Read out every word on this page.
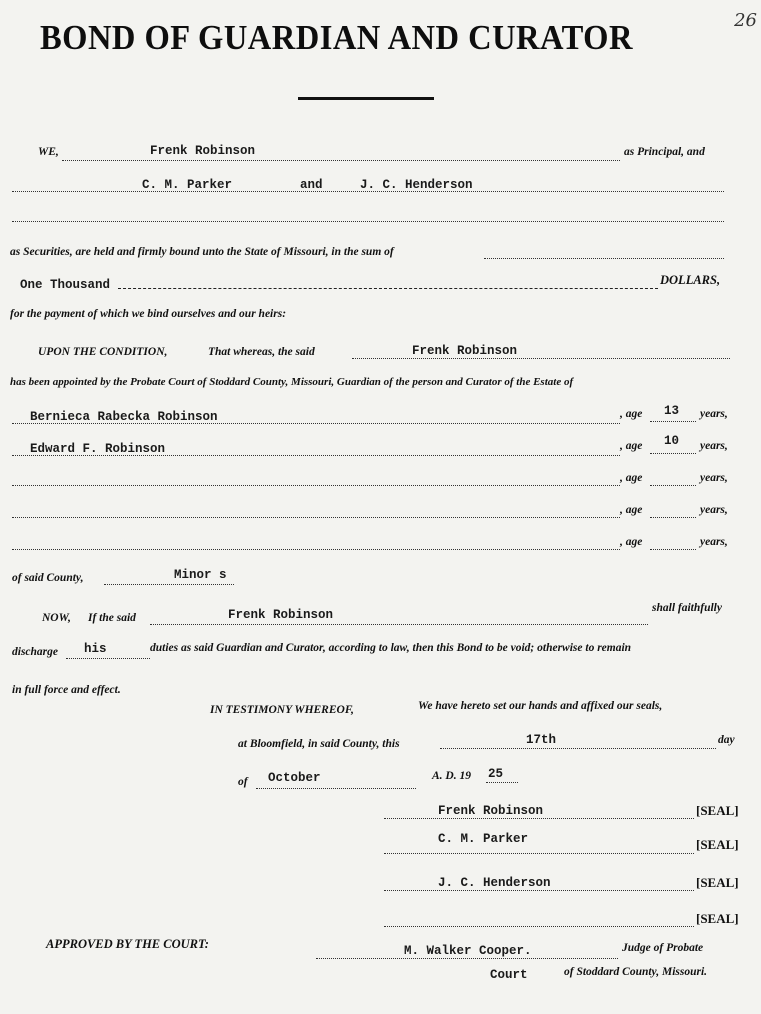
BOND OF GUARDIAN AND CURATOR	26
WE,	Frenk Robinson	as Principal, and
C. M. Parker	and	J. C. Henderson
as Securities, are held and firmly bound unto the State of Missouri, in the sum of
One Thousand	DOLLARS,
for the payment of which we bind ourselves and our heirs:
UPON THE CONDITION,	That whereas, the said	Frenk Robinson
has been appointed by the Probate Court of Stoddard County, Missouri, Guardian of the person and Curator of the Estate of
Bernieca Rabecka Robinson	, age 13 years,
Edward F. Robinson	, age 10 years,
, age	years,
, age	years,
, age	years,
of said County,	Minor s
NOW, If the said	Frenk Robinson	shall faithfully
discharge his	duties as said Guardian and Curator, according to law, then this Bond to be void; otherwise to remain
in full force and effect.
IN TESTIMONY WHEREOF,	We have hereto set our hands and affixed our seals,
at Bloomfield, in said County, this	17th	day
of October	A. D. 19 25
Frenk Robinson	[SEAL]
C. M. Parker	[SEAL]
J. C. Henderson	[SEAL]
[SEAL]
APPROVED BY THE COURT:	M. Walker Cooper.	Judge of Probate
Court	of Stoddard County, Missouri.
